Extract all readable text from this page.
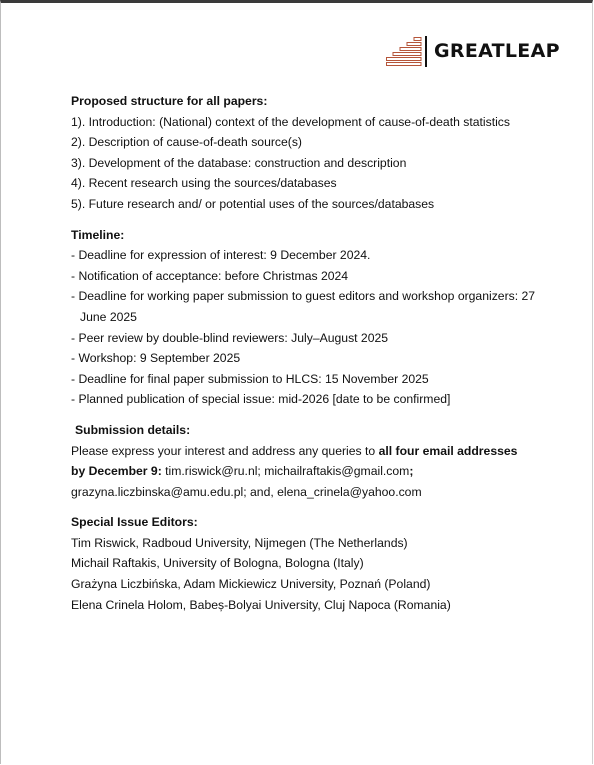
GREATLEAP

Proposed structure for all papers:

1). Introduction: (National) context of the development of cause-of-death statistics

2). Description of cause-of-death source(s)

3). Development of the database: construction and description

4). Recent research using the sources/databases

5). Future research and/ or potential uses of the sources/databases

Timeline:

- Deadline for expression of interest: 9 December 2024.

- Notification of acceptance: before Christmas 2024

- Deadline for working paper submission to guest editors and workshop organizers: 27

June 2025

- Peer review by double-blind reviewers: July–August 2025

- Workshop: 9 September 2025

- Deadline for final paper submission to HLCS: 15 November 2025

- Planned publication of special issue: mid-2026 [date to be confirmed]

Submission details:

Please express your interest and address any queries to all four email addresses

by December 9: tim.riswick@ru.nl; michailraftakis@gmail.com;

grazyna.liczbinska@amu.edu.pl; and, elena_crinela@yahoo.com

Special Issue Editors:

Tim Riswick, Radboud University, Nijmegen (The Netherlands)

Michail Raftakis, University of Bologna, Bologna (Italy)

Grażyna Liczbińska, Adam Mickiewicz University, Poznań (Poland)

Elena Crinela Holom, Babeș-Bolyai University, Cluj Napoca (Romania)
